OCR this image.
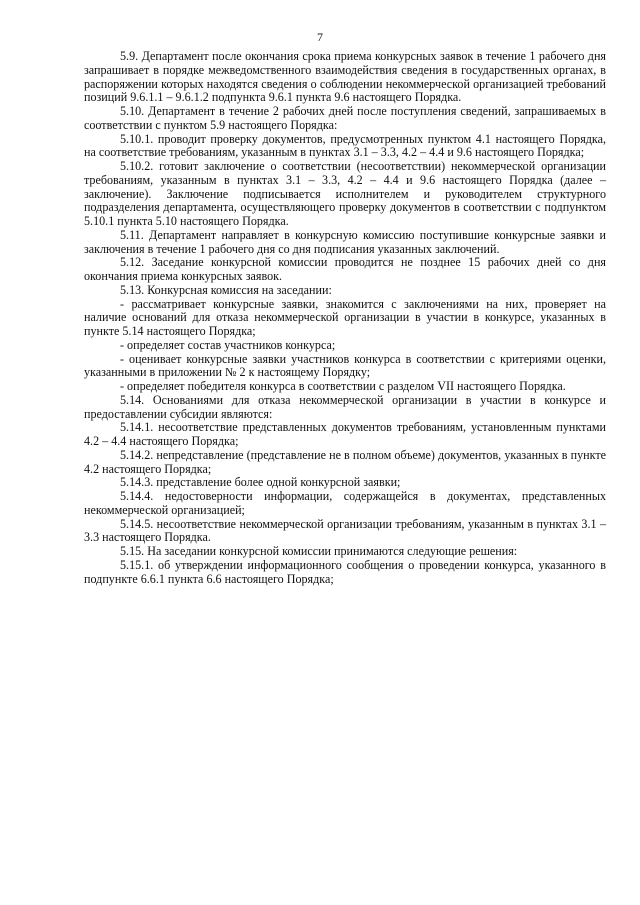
7

5.9. Департамент после окончания срока приема конкурсных заявок в течение 1 рабочего дня запрашивает в порядке межведомственного взаимодействия сведения в государственных органах, в распоряжении которых находятся сведения о соблюдении некоммерческой организацией требований позиций 9.6.1.1 – 9.6.1.2 подпункта 9.6.1 пункта 9.6 настоящего Порядка.

5.10. Департамент в течение 2 рабочих дней после поступления сведений, запрашиваемых в соответствии с пунктом 5.9 настоящего Порядка:

5.10.1. проводит проверку документов, предусмотренных пунктом 4.1 настоящего Порядка, на соответствие требованиям, указанным в пунктах 3.1 – 3.3, 4.2 – 4.4 и 9.6 настоящего Порядка;

5.10.2. готовит заключение о соответствии (несоответствии) некоммерческой организации требованиям, указанным в пунктах 3.1 – 3.3, 4.2 – 4.4 и 9.6 настоящего Порядка (далее – заключение). Заключение подписывается исполнителем и руководителем структурного подразделения департамента, осуществляющего проверку документов в соответствии с подпунктом 5.10.1 пункта 5.10 настоящего Порядка.

5.11. Департамент направляет в конкурсную комиссию поступившие конкурсные заявки и заключения в течение 1 рабочего дня со дня подписания указанных заключений.

5.12. Заседание конкурсной комиссии проводится не позднее 15 рабочих дней со дня окончания приема конкурсных заявок.

5.13. Конкурсная комиссия на заседании:

- рассматривает конкурсные заявки, знакомится с заключениями на них, проверяет на наличие оснований для отказа некоммерческой организации в участии в конкурсе, указанных в пункте 5.14 настоящего Порядка;

- определяет состав участников конкурса;

- оценивает конкурсные заявки участников конкурса в соответствии с критериями оценки, указанными в приложении № 2 к настоящему Порядку;

- определяет победителя конкурса в соответствии с разделом VII настоящего Порядка.

5.14. Основаниями для отказа некоммерческой организации в участии в конкурсе и предоставлении субсидии являются:

5.14.1. несоответствие представленных документов требованиям, установленным пунктами 4.2 – 4.4 настоящего Порядка;

5.14.2. непредставление (представление не в полном объеме) документов, указанных в пункте 4.2 настоящего Порядка;

5.14.3. представление более одной конкурсной заявки;

5.14.4. недостоверности информации, содержащейся в документах, представленных некоммерческой организацией;

5.14.5. несоответствие некоммерческой организации требованиям, указанным в пунктах 3.1 – 3.3 настоящего Порядка.

5.15. На заседании конкурсной комиссии принимаются следующие решения:

5.15.1. об утверждении информационного сообщения о проведении конкурса, указанного в подпункте 6.6.1 пункта 6.6 настоящего Порядка;
